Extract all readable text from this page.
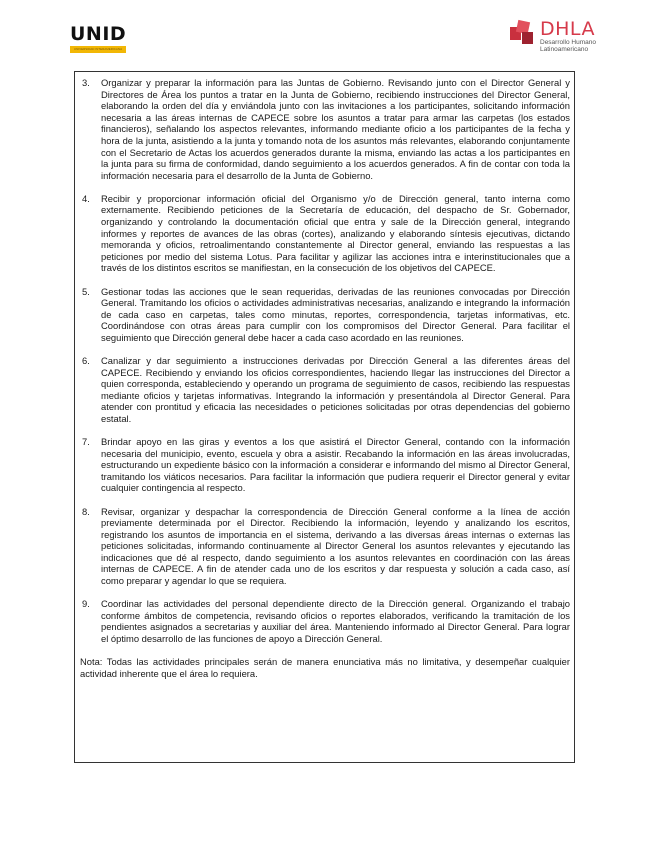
UNID
UNIVERSIDAD INTERAMERICANA
DHLA
Desarrollo Humano Latinoamericano
3.	Organizar y preparar la información para las Juntas de Gobierno. Revisando junto con el Director General y Directores de Área los puntos a tratar en la Junta de Gobierno, recibiendo instrucciones del Director General, elaborando la orden del día y enviándola junto con las invitaciones a los participantes, solicitando información necesaria a las áreas internas de CAPECE sobre los asuntos a tratar para armar las carpetas (los estados financieros), señalando los aspectos relevantes, informando mediante oficio a los participantes de la fecha y hora de la junta, asistiendo a la junta y tomando nota de los asuntos más relevantes, elaborando conjuntamente con el Secretario de Actas los acuerdos generados durante la misma, enviando las actas a los participantes en la junta para su firma de conformidad, dando seguimiento a los acuerdos generados. A fin de contar con toda la información necesaria para el desarrollo de la Junta de Gobierno.
4.	Recibir y proporcionar información oficial del Organismo y/o de Dirección general, tanto interna como externamente. Recibiendo peticiones de la Secretaría de educación, del despacho de Sr. Gobernador, organizando y controlando la documentación oficial que entra y sale de la Dirección general, integrando informes y reportes de avances de las obras (cortes), analizando y elaborando síntesis ejecutivas, dictando memoranda y oficios, retroalimentando constantemente al Director general, enviando las respuestas a las peticiones por medio del sistema Lotus. Para facilitar y agilizar las acciones intra e interinstitucionales que a través de los distintos escritos se manifiestan, en la consecución de los objetivos del CAPECE.
5.	Gestionar todas las acciones que le sean requeridas, derivadas de las reuniones convocadas por Dirección General. Tramitando los oficios o actividades administrativas necesarias, analizando e integrando la información de cada caso en carpetas, tales como minutas, reportes, correspondencia, tarjetas informativas, etc. Coordinándose con otras áreas para cumplir con los compromisos del Director General. Para facilitar el seguimiento que Dirección general debe hacer a cada caso acordado en las reuniones.
6.	Canalizar y dar seguimiento a instrucciones derivadas por Dirección General a las diferentes áreas del CAPECE. Recibiendo y enviando los oficios correspondientes, haciendo llegar las instrucciones del Director a quien corresponda, estableciendo y operando un programa de seguimiento de casos, recibiendo las respuestas mediante oficios y tarjetas informativas. Integrando la información y presentándola al Director General. Para atender con prontitud y eficacia las necesidades o peticiones solicitadas por otras dependencias del gobierno estatal.
7.	Brindar apoyo en las giras y eventos a los que asistirá el Director General, contando con la información necesaria del municipio, evento, escuela y obra a asistir. Recabando la información en las áreas involucradas, estructurando un expediente básico con la información a considerar e informando del mismo al Director General, tramitando los viáticos necesarios. Para facilitar la información que pudiera requerir el Director general y evitar cualquier contingencia al respecto.
8.	Revisar, organizar y despachar la correspondencia de Dirección General conforme a la línea de acción previamente determinada por el Director. Recibiendo la información, leyendo y analizando los escritos, registrando los asuntos de importancia en el sistema, derivando a las diversas áreas internas o externas las peticiones solicitadas, informando continuamente al Director General los asuntos relevantes y ejecutando las indicaciones que dé al respecto, dando seguimiento a los asuntos relevantes en coordinación con las áreas internas de CAPECE. A fin de atender cada uno de los escritos y dar respuesta y solución a cada caso, así como preparar y agendar lo que se requiera.
9.	Coordinar las actividades del personal dependiente directo de la Dirección general. Organizando el trabajo conforme ámbitos de competencia, revisando oficios o reportes elaborados, verificando la tramitación de los pendientes asignados a secretarias y auxiliar del área. Manteniendo informado al Director General. Para lograr el óptimo desarrollo de las funciones de apoyo a Dirección General.
Nota: Todas las actividades principales serán de manera enunciativa más no limitativa, y desempeñar cualquier actividad inherente que el área lo requiera.
